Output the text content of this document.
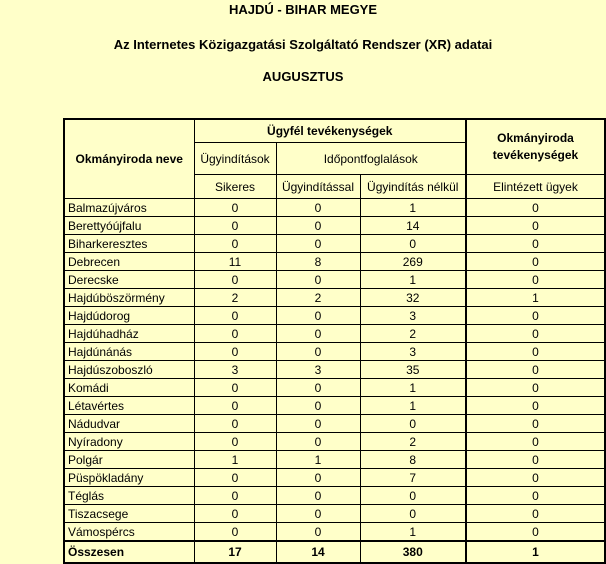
HAJDÚ - BIHAR MEGYE
Az Internetes Közigazgatási Szolgáltató Rendszer (XR) adatai
AUGUSZTUS
Okmányiroda neve	Ügyfél tevékenységek			Okmányiroda tevékenységek
	Ügyindítások	Időpontfoglalások		
	Sikeres	Ügyindítással	Ügyindítás nélkül	Elintézett ügyek
Balmazújváros	0	0	1	0
Berettyóújfalu	0	0	14	0
Biharkeresztes	0	0	0	0
Debrecen	11	8	269	0
Derecske	0	0	1	0
Hajdúböszörmény	2	2	32	1
Hajdúdorog	0	0	3	0
Hajdúhadház	0	0	2	0
Hajdúnánás	0	0	3	0
Hajdúszoboszló	3	3	35	0
Komádi	0	0	1	0
Létavértes	0	0	1	0
Nádudvar	0	0	0	0
Nyíradony	0	0	2	0
Polgár	1	1	8	0
Püspökladány	0	0	7	0
Téglás	0	0	0	0
Tiszacsege	0	0	0	0
Vámospércs	0	0	1	0
Összesen	17	14	380	1
